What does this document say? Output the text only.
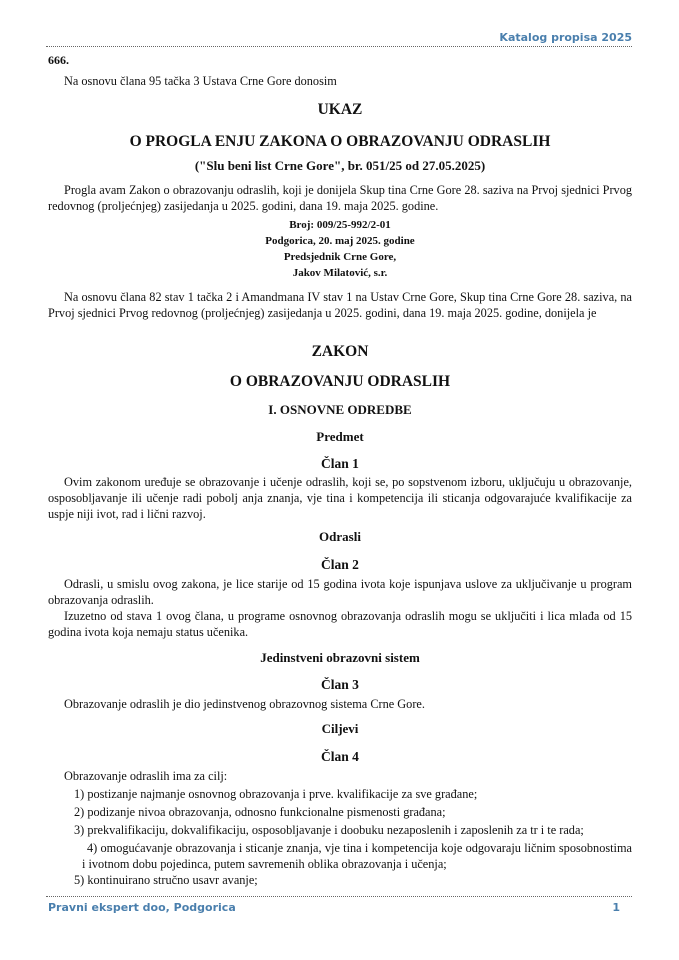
Katalog propisa 2025
666.

Na osnovu člana 95 tačka 3 Ustava Crne Gore donosim

UKAZ
O PROGLA ENJU ZAKONA O OBRAZOVANJU ODRASLIH
("Slu beni list Crne Gore", br. 051/25 od 27.05.2025)

Progla avam Zakon o obrazovanju odraslih, koji je donijela Skup tina Crne Gore 28. saziva na Prvoj sjednici Prvog redovnog (proljećnjeg) zasijedanja u 2025. godini, dana 19. maja 2025. godine.

Broj: 009/25-992/2-01
Podgorica, 20. maj 2025. godine
Predsjednik Crne Gore,
Jakov Milatović, s.r.

Na osnovu člana 82 stav 1 tačka 2 i Amandmana IV stav 1 na Ustav Crne Gore, Skup tina Crne Gore 28. saziva, na Prvoj sjednici Prvog redovnog (proljećnjeg) zasijedanja u 2025. godini, dana 19. maja 2025. godine, donijela je

ZAKON
O OBRAZOVANJU ODRASLIH
I. OSNOVNE ODREDBE
Predmet
Član 1

Ovim zakonom uređuje se obrazovanje i učenje odraslih, koji se, po sopstvenom izboru, uključuju u obrazovanje, osposobljavanje ili učenje radi pobolj anja znanja, vje tina i kompetencija ili sticanja odgovarajuće kvalifikacije za uspje niji ivot, rad i lični razvoj.

Odrasli
Član 2

Odrasli, u smislu ovog zakona, je lice starije od 15 godina ivota koje ispunjava uslove za uključivanje u program obrazovanja odraslih.

Izuzetno od stava 1 ovog člana, u programe osnovnog obrazovanja odraslih mogu se uključiti i lica mlađa od 15 godina ivota koja nemaju status učenika.

Jedinstveni obrazovni sistem
Član 3

Obrazovanje odraslih je dio jedinstvenog obrazovnog sistema Crne Gore.

Ciljevi
Član 4

Obrazovanje odraslih ima za cilj:

1) postizanje najmanje osnovnog obrazovanja i prve. kvalifikacije za sve građane;
2) podizanje nivoa obrazovanja, odnosno funkcionalne pismenosti građana;
3) prekvalifikaciju, dokvalifikaciju, osposobljavanje i doobuku nezaposlenih i zaposlenih za tr i te rada;
4) omogućavanje obrazovanja i sticanje znanja, vje tina i kompetencija koje odgovaraju ličnim sposobnostima i ivotnom dobu pojedinca, putem savremenih oblika obrazovanja i učenja;
5) kontinuirano stručno usavr avanje;
Pravni ekspert doo, Podgorica	1
